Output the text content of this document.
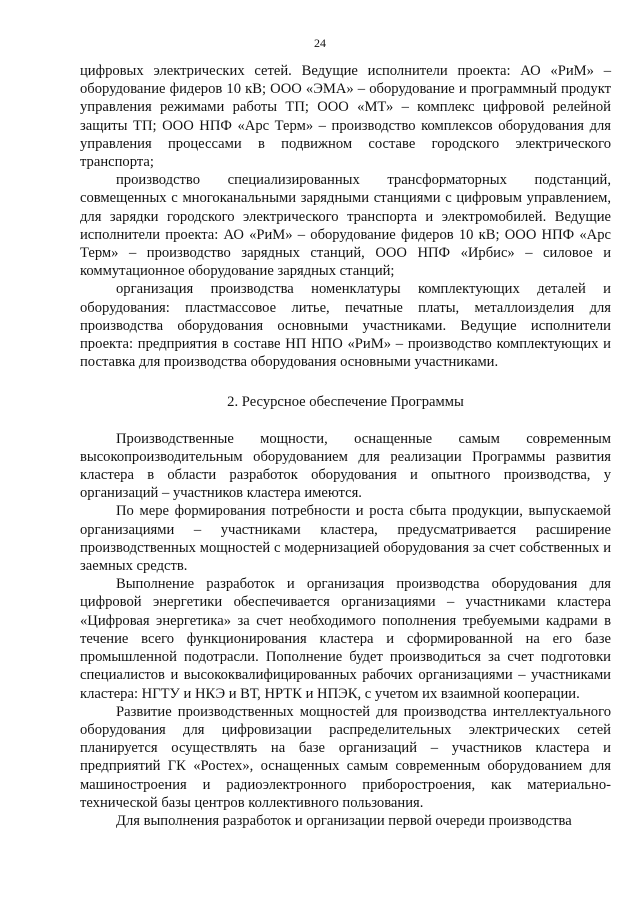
24

цифровых электрических сетей. Ведущие исполнители проекта: АО «РиМ» – оборудование фидеров 10 кВ; ООО «ЭМА» – оборудование и программный продукт управления режимами работы ТП; ООО «МТ» – комплекс цифровой релейной защиты ТП; ООО НПФ «Арс Терм» – производство комплексов оборудования для управления процессами в подвижном составе городского электрического транспорта;

производство специализированных трансформаторных подстанций, совмещенных с многоканальными зарядными станциями с цифровым управлением, для зарядки городского электрического транспорта и электромобилей. Ведущие исполнители проекта: АО «РиМ» – оборудование фидеров 10 кВ; ООО НПФ «Арс Терм» – производство зарядных станций, ООО НПФ «Ирбис» – силовое и коммутационное оборудование зарядных станций;

организация производства номенклатуры комплектующих деталей и оборудования: пластмассовое литье, печатные платы, металлоизделия для производства оборудования основными участниками. Ведущие исполнители проекта: предприятия в составе НП НПО «РиМ» – производство комплектующих и поставка для производства оборудования основными участниками.

2. Ресурсное обеспечение Программы

Производственные мощности, оснащенные самым современным высокопроизводительным оборудованием для реализации Программы развития кластера в области разработок оборудования и опытного производства, у организаций – участников кластера имеются.

По мере формирования потребности и роста сбыта продукции, выпускаемой организациями – участниками кластера, предусматривается расширение производственных мощностей с модернизацией оборудования за счет собственных и заемных средств.

Выполнение разработок и организация производства оборудования для цифровой энергетики обеспечивается организациями – участниками кластера «Цифровая энергетика» за счет необходимого пополнения требуемыми кадрами в течение всего функционирования кластера и сформированной на его базе промышленной подотрасли. Пополнение будет производиться за счет подготовки специалистов и высококвалифицированных рабочих организациями – участниками кластера: НГТУ и НКЭ и ВТ, НРТК и НПЭК, с учетом их взаимной кооперации.

Развитие производственных мощностей для производства интеллектуального оборудования для цифровизации распределительных электрических сетей планируется осуществлять на базе организаций – участников кластера и предприятий ГК «Ростех», оснащенных самым современным оборудованием для машиностроения и радиоэлектронного приборостроения, как материально-технической базы центров коллективного пользования.

Для выполнения разработок и организации первой очереди производства
